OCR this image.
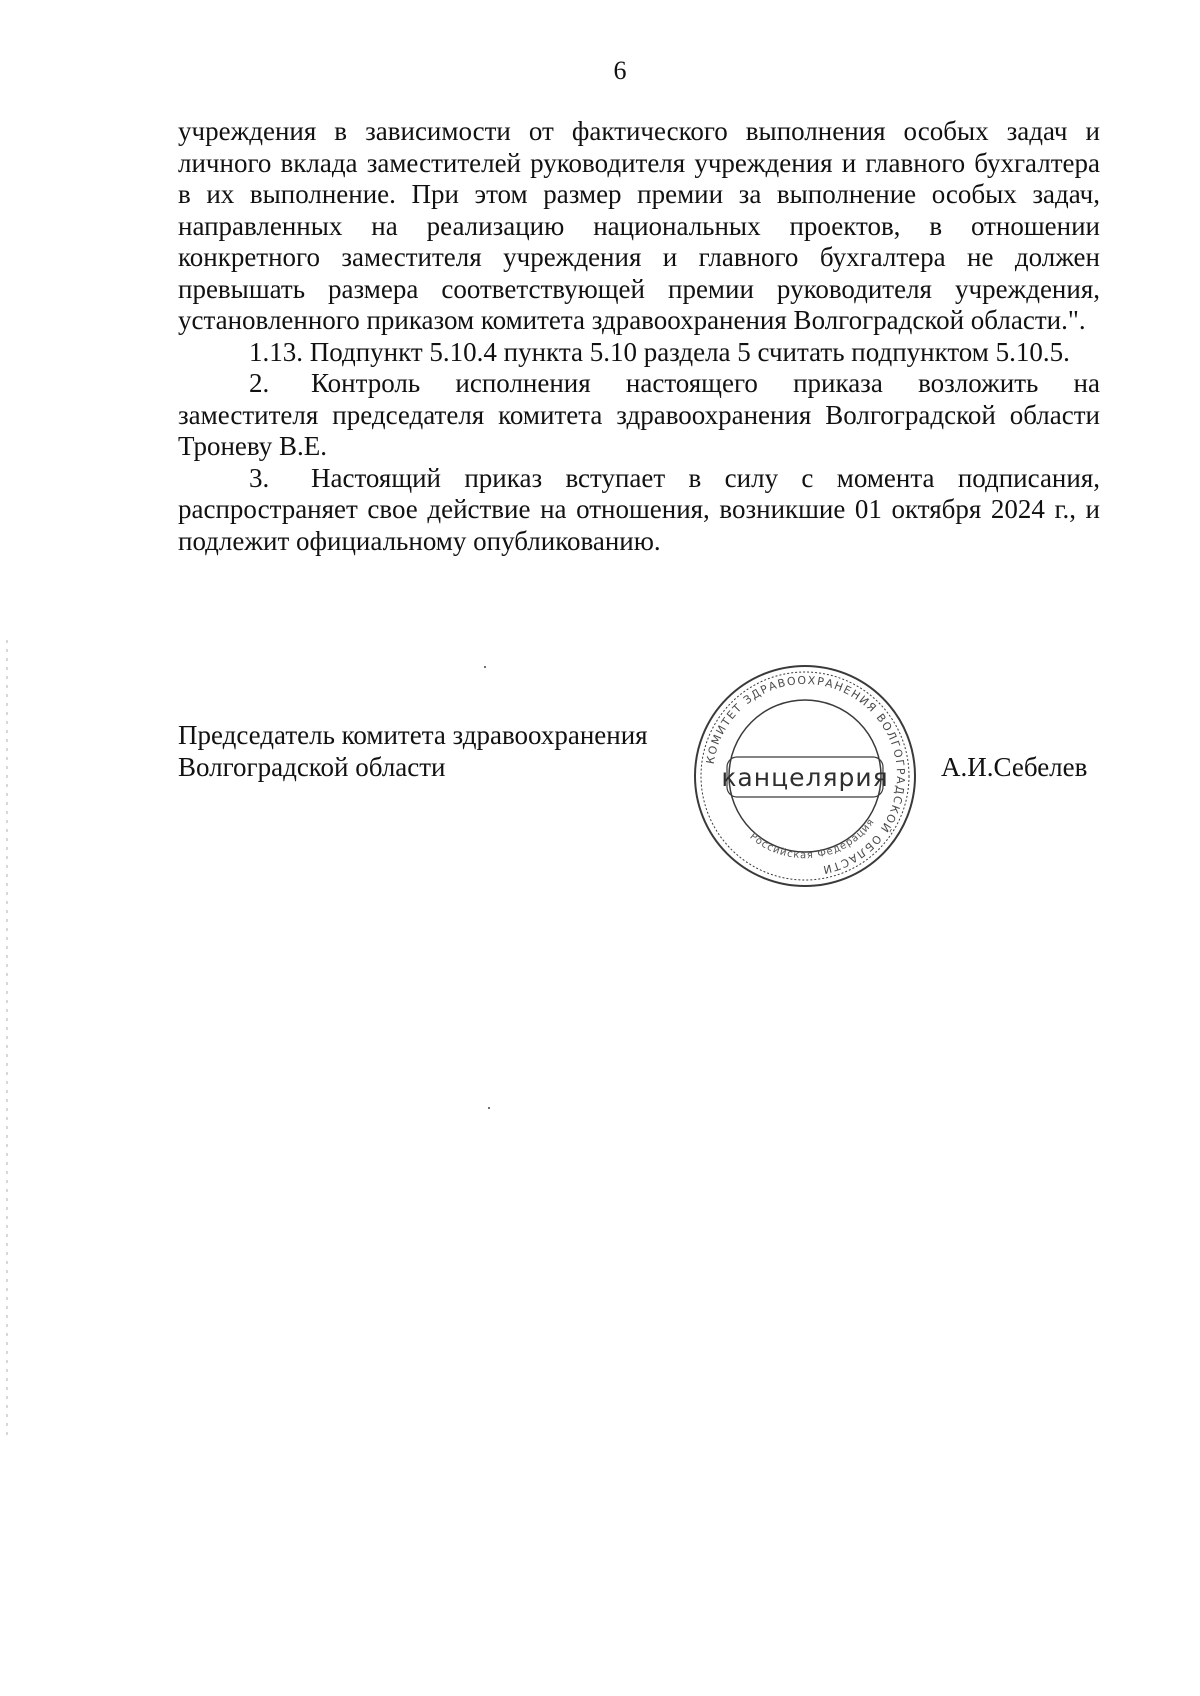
6

учреждения в зависимости от фактического выполнения особых задач и личного вклада заместителей руководителя учреждения и главного бухгалтера в их выполнение. При этом размер премии за выполнение особых задач, направленных на реализацию национальных проектов, в отношении конкретного заместителя учреждения и главного бухгалтера не должен превышать размера соответствующей премии руководителя учреждения, установленного приказом комитета здравоохранения Волгоградской области.".

1.13. Подпункт 5.10.4 пункта 5.10 раздела 5 считать подпунктом 5.10.5.

2. Контроль исполнения настоящего приказа возложить на заместителя председателя комитета здравоохранения Волгоградской области Троневу В.Е.

3. Настоящий приказ вступает в силу с момента подписания, распространяет свое действие на отношения, возникшие 01 октября 2024 г., и подлежит официальному опубликованию.

Председатель комитета здравоохранения
Волгоградской области	А.И.Себелев
КОМИТЕТ ЗДРАВООХРАНЕНИЯ ВОЛГОГРАДСКОЙ ОБЛАСТИ
Российская Федерация
канцелярия
